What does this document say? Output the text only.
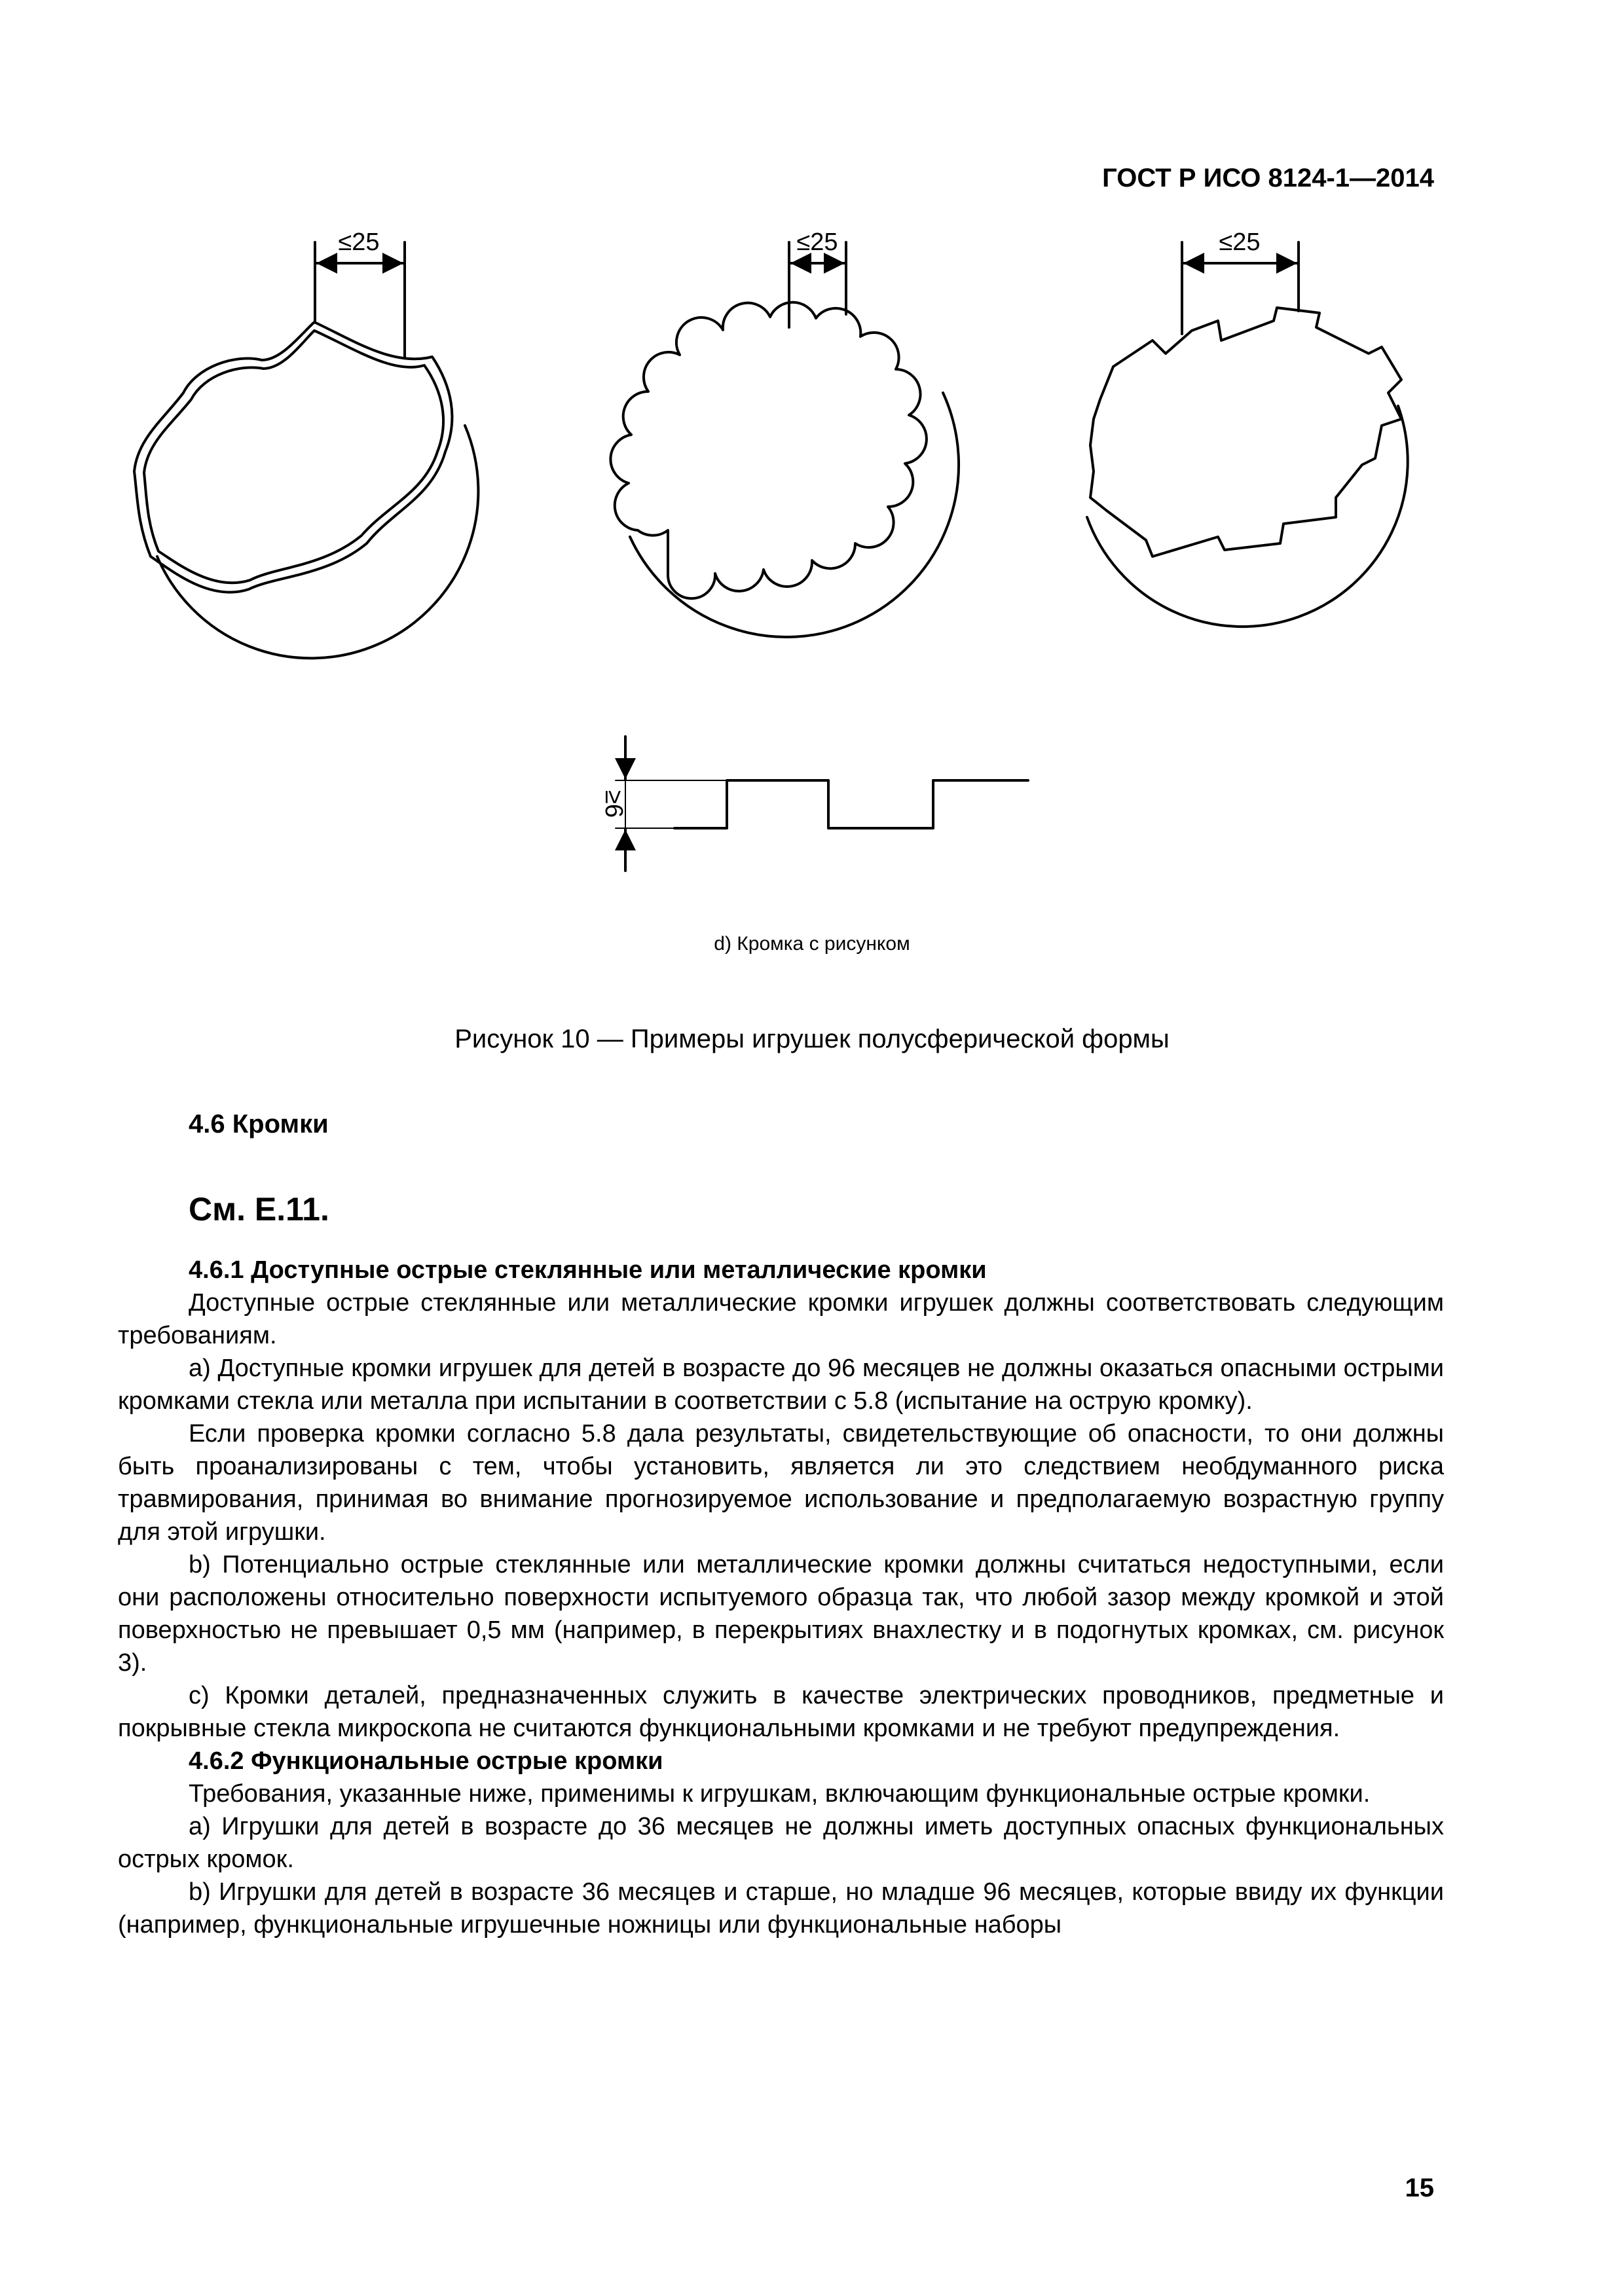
ГОСТ Р ИСО 8124-1—2014
≤25	≤25	≤25
≥6
d) Кромка с рисунком
Рисунок 10 — Примеры игрушек полусферической формы
4.6 Кромки
См. Е.11.

4.6.1 Доступные острые стеклянные или металлические кромки

Доступные острые стеклянные или металлические кромки игрушек должны соответствовать следующим требованиям.

a) Доступные кромки игрушек для детей в возрасте до 96 месяцев не должны оказаться опасными острыми кромками стекла или металла при испытании в соответствии с 5.8 (испытание на острую кромку).

Если проверка кромки согласно 5.8 дала результаты, свидетельствующие об опасности, то они должны быть проанализированы с тем, чтобы установить, является ли это следствием необдуманного риска травмирования, принимая во внимание прогнозируемое использование и предполагаемую возрастную группу для этой игрушки.

b) Потенциально острые стеклянные или металлические кромки должны считаться недоступными, если они расположены относительно поверхности испытуемого образца так, что любой зазор между кромкой и этой поверхностью не превышает 0,5 мм (например, в перекрытиях внахлестку и в подогнутых кромках, см. рисунок 3).

c) Кромки деталей, предназначенных служить в качестве электрических проводников, предметные и покрывные стекла микроскопа не считаются функциональными кромками и не требуют предупреждения.

4.6.2 Функциональные острые кромки

Требования, указанные ниже, применимы к игрушкам, включающим функциональные острые кромки.

a) Игрушки для детей в возрасте до 36 месяцев не должны иметь доступных опасных функциональных острых кромок.

b) Игрушки для детей в возрасте 36 месяцев и старше, но младше 96 месяцев, которые ввиду их функции (например, функциональные игрушечные ножницы или функциональные наборы

15
